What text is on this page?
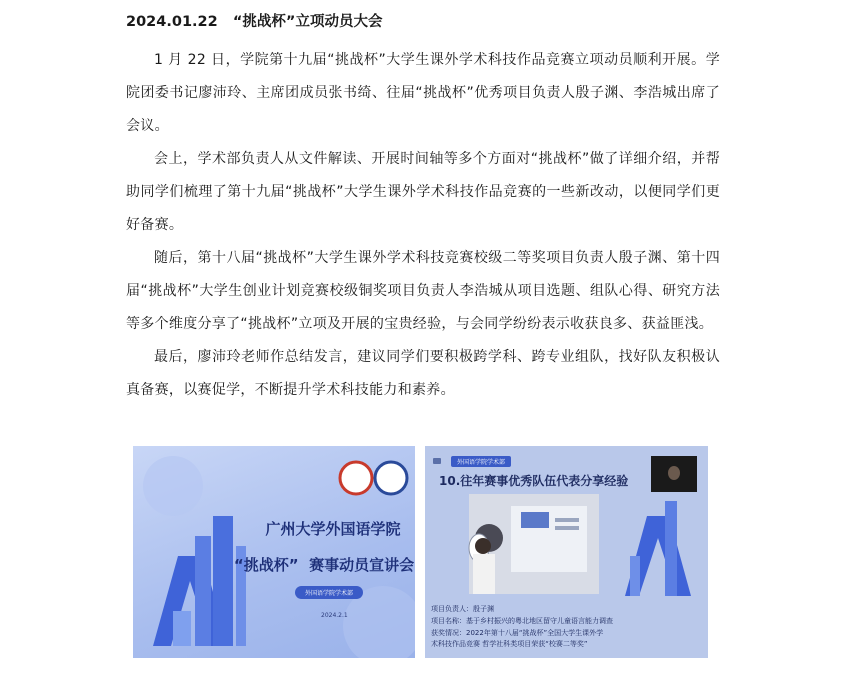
2024.01.22 “挑战杯”立项动员大会

1 月 22 日，学院第十九届“挑战杯”大学生课外学术科技作品竞赛立项动员顺利开展。学院团委书记廖沛玲、主席团成员张书绮、往届“挑战杯”优秀项目负责人殷子渊、李浩城出席了会议。

会上，学术部负责人从文件解读、开展时间轴等多个方面对“挑战杯”做了详细介绍，并帮助同学们梳理了第十九届“挑战杯”大学生课外学术科技作品竞赛的一些新改动，以便同学们更好备赛。

随后，第十八届“挑战杯”大学生课外学术科技竞赛校级二等奖项目负责人殷子渊、第十四届“挑战杯”大学生创业计划竞赛校级铜奖项目负责人李浩城从项目选题、组队心得、研究方法等多个维度分享了“挑战杯”立项及开展的宝贵经验，与会同学纷纷表示收获良多、获益匪浅。

最后，廖沛玲老师作总结发言，建议同学们要积极跨学科、跨专业组队，找好队友积极认真备赛，以赛促学，不断提升学术科技能力和素养。

广州大学外国语学院
“挑战杯”  赛事动员宣讲会
外国语学院学术部
2024.2.1
外国语学院学术部
10.往年赛事优秀队伍代表分享经验
项目负责人：殷子渊
项目名称：基于乡村振兴的粤北地区留守儿童语言能力调查
获奖情况：2022年第十八届“挑战杯”全国大学生课外学
术科技作品竞赛 哲学社科类项目荣获“校赛二等奖”
